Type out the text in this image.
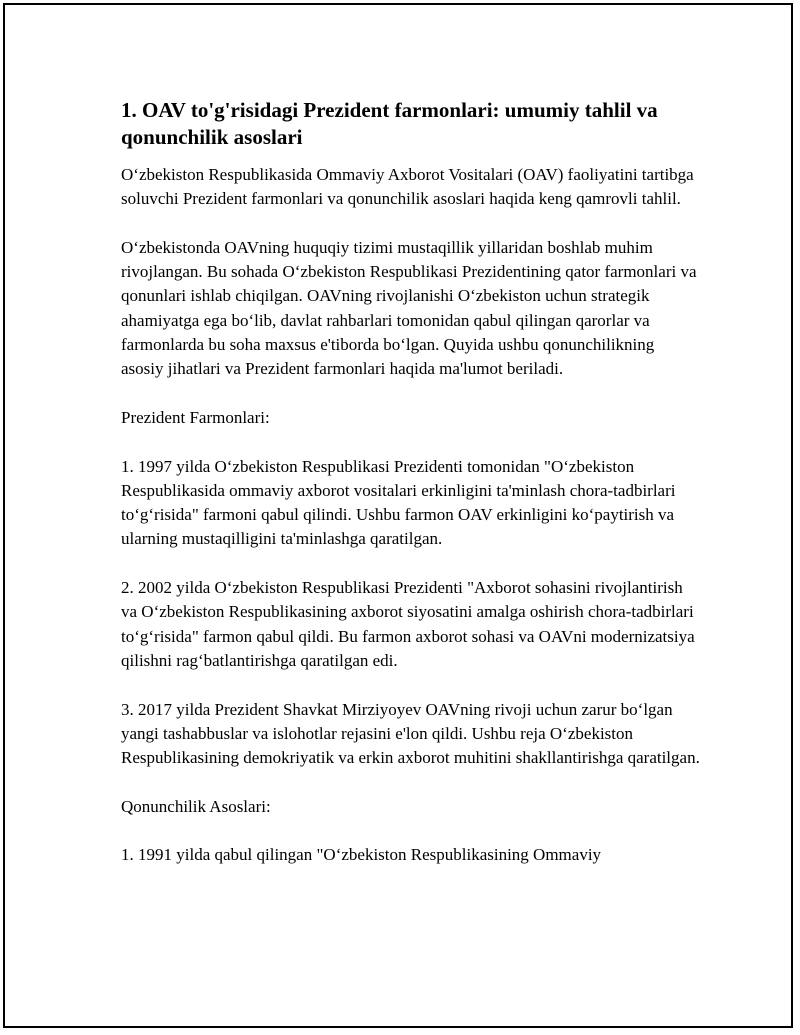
1. OAV to'g'risidagi Prezident farmonlari: umumiy tahlil va qonunchilik asoslari

O‘zbekiston Respublikasida Ommaviy Axborot Vositalari (OAV) faoliyatini tartibga soluvchi Prezident farmonlari va qonunchilik asoslari haqida keng qamrovli tahlil.

O‘zbekistonda OAVning huquqiy tizimi mustaqillik yillaridan boshlab muhim rivojlangan. Bu sohada O‘zbekiston Respublikasi Prezidentining qator farmonlari va qonunlari ishlab chiqilgan. OAVning rivojlanishi O‘zbekiston uchun strategik ahamiyatga ega bo‘lib, davlat rahbarlari tomonidan qabul qilingan qarorlar va farmonlarda bu soha maxsus e'tiborda bo‘lgan. Quyida ushbu qonunchilikning asosiy jihatlari va Prezident farmonlari haqida ma'lumot beriladi.

Prezident Farmonlari:

1. 1997 yilda O‘zbekiston Respublikasi Prezidenti tomonidan "O‘zbekiston Respublikasida ommaviy axborot vositalari erkinligini ta'minlash chora-tadbirlari to‘g‘risida" farmoni qabul qilindi. Ushbu farmon OAV erkinligini ko‘paytirish va ularning mustaqilligini ta'minlashga qaratilgan.

2. 2002 yilda O‘zbekiston Respublikasi Prezidenti "Axborot sohasini rivojlantirish va O‘zbekiston Respublikasining axborot siyosatini amalga oshirish chora-tadbirlari to‘g‘risida" farmon qabul qildi. Bu farmon axborot sohasi va OAVni modernizatsiya qilishni rag‘batlantirishga qaratilgan edi.

3. 2017 yilda Prezident Shavkat Mirziyoyev OAVning rivoji uchun zarur bo‘lgan yangi tashabbuslar va islohotlar rejasini e'lon qildi. Ushbu reja O‘zbekiston Respublikasining demokriyatik va erkin axborot muhitini shakllantirishga qaratilgan.

Qonunchilik Asoslari:

1. 1991 yilda qabul qilingan "O‘zbekiston Respublikasining Ommaviy
